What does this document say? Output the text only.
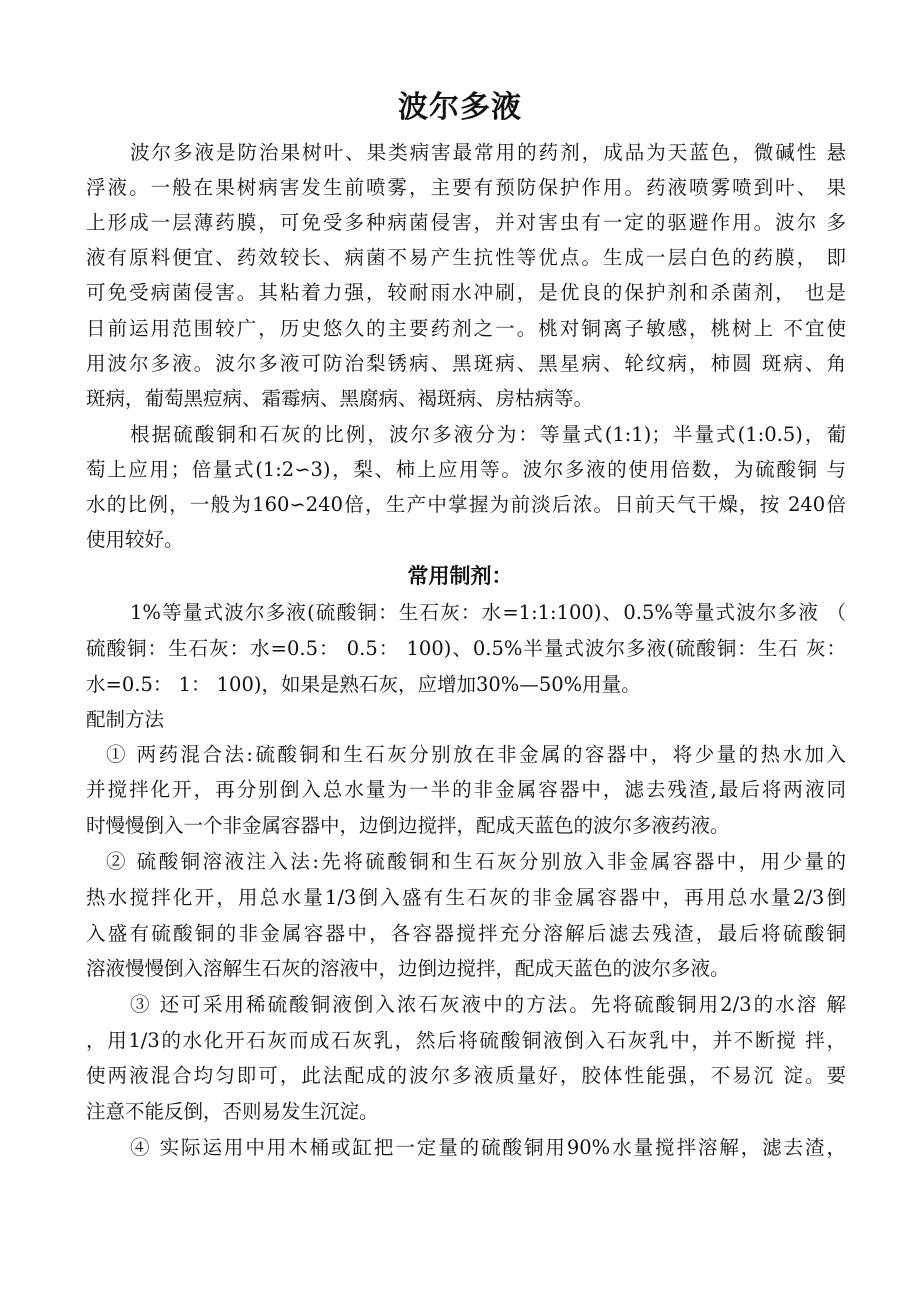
波尔多液
波尔多液是防治果树叶、果类病害最常用的药剂，成品为天蓝色，微碱性 悬
浮液。一般在果树病害发生前喷雾，主要有预防保护作用。药液喷雾喷到叶、 果
上形成一层薄药膜，可免受多种病菌侵害，并对害虫有一定的驱避作用。波尔 多
液有原料便宜、药效较长、病菌不易产生抗性等优点。生成一层白色的药膜， 即
可免受病菌侵害。其粘着力强，较耐雨水冲刷，是优良的保护剂和杀菌剂， 也是
日前运用范围较广，历史悠久的主要药剂之一。桃对铜离子敏感，桃树上 不宜使
用波尔多液。波尔多液可防治梨锈病、黑斑病、黑星病、轮纹病，柿圆 斑病、角
斑病，葡萄黑痘病、霜霉病、黑腐病、褐斑病、房枯病等。
根据硫酸铜和石灰的比例，波尔多液分为：等量式(1:1)；半量式(1:0.5)，葡
萄上应用；倍量式(1:2∽3)，梨、柿上应用等。波尔多液的使用倍数，为硫酸铜 与
水的比例，一般为160∽240倍，生产中掌握为前淡后浓。日前天气干燥，按 240倍
使用较好。
常用制剂：
1%等量式波尔多液(硫酸铜：生石灰：水=1:1:100)、0.5%等量式波尔多液 （
硫酸铜：生石灰：水=0.5： 0.5： 100)、0.5%半量式波尔多液(硫酸铜：生石 灰：
水=0.5： 1： 100)，如果是熟石灰，应增加30%—50%用量。
配制方法
① 两药混合法:硫酸铜和生石灰分别放在非金属的容器中，将少量的热水加入
并搅拌化开，再分别倒入总水量为一半的非金属容器中，滤去残渣,最后将两液同
时慢慢倒入一个非金属容器中，边倒边搅拌，配成天蓝色的波尔多液药液。
② 硫酸铜溶液注入法:先将硫酸铜和生石灰分别放入非金属容器中，用少量的
热水搅拌化开，用总水量1/3倒入盛有生石灰的非金属容器中，再用总水量2/3倒
入盛有硫酸铜的非金属容器中，各容器搅拌充分溶解后滤去残渣，最后将硫酸铜
溶液慢慢倒入溶解生石灰的溶液中，边倒边搅拌，配成天蓝色的波尔多液。
③ 还可采用稀硫酸铜液倒入浓石灰液中的方法。先将硫酸铜用2/3的水溶 解
，用1/3的水化开石灰而成石灰乳，然后将硫酸铜液倒入石灰乳中，并不断搅 拌，
使两液混合均匀即可，此法配成的波尔多液质量好，胶体性能强，不易沉 淀。要
注意不能反倒，否则易发生沉淀。
④ 实际运用中用木桶或缸把一定量的硫酸铜用90%水量搅拌溶解，滤去渣，
